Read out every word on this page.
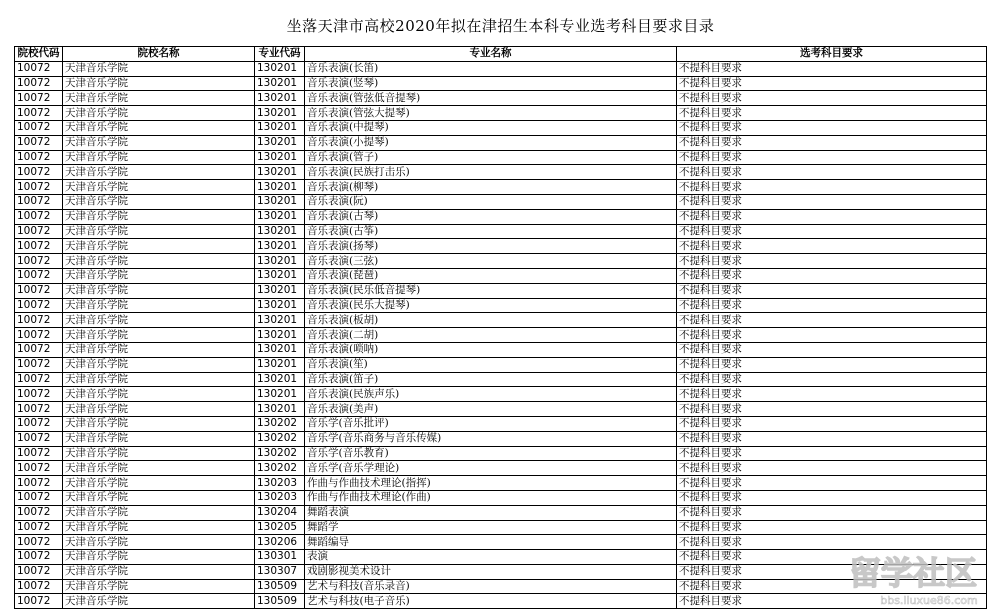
坐落天津市高校2020年拟在津招生本科专业选考科目要求目录
院校代码	院校名称	专业代码	专业名称	选考科目要求
10072	天津音乐学院	130201	音乐表演(长笛)	不提科目要求
10072	天津音乐学院	130201	音乐表演(竖琴)	不提科目要求
10072	天津音乐学院	130201	音乐表演(管弦低音提琴)	不提科目要求
10072	天津音乐学院	130201	音乐表演(管弦大提琴)	不提科目要求
10072	天津音乐学院	130201	音乐表演(中提琴)	不提科目要求
10072	天津音乐学院	130201	音乐表演(小提琴)	不提科目要求
10072	天津音乐学院	130201	音乐表演(管子)	不提科目要求
10072	天津音乐学院	130201	音乐表演(民族打击乐)	不提科目要求
10072	天津音乐学院	130201	音乐表演(柳琴)	不提科目要求
10072	天津音乐学院	130201	音乐表演(阮)	不提科目要求
10072	天津音乐学院	130201	音乐表演(古琴)	不提科目要求
10072	天津音乐学院	130201	音乐表演(古筝)	不提科目要求
10072	天津音乐学院	130201	音乐表演(扬琴)	不提科目要求
10072	天津音乐学院	130201	音乐表演(三弦)	不提科目要求
10072	天津音乐学院	130201	音乐表演(琵琶)	不提科目要求
10072	天津音乐学院	130201	音乐表演(民乐低音提琴)	不提科目要求
10072	天津音乐学院	130201	音乐表演(民乐大提琴)	不提科目要求
10072	天津音乐学院	130201	音乐表演(板胡)	不提科目要求
10072	天津音乐学院	130201	音乐表演(二胡)	不提科目要求
10072	天津音乐学院	130201	音乐表演(唢呐)	不提科目要求
10072	天津音乐学院	130201	音乐表演(笙)	不提科目要求
10072	天津音乐学院	130201	音乐表演(笛子)	不提科目要求
10072	天津音乐学院	130201	音乐表演(民族声乐)	不提科目要求
10072	天津音乐学院	130201	音乐表演(美声)	不提科目要求
10072	天津音乐学院	130202	音乐学(音乐批评)	不提科目要求
10072	天津音乐学院	130202	音乐学(音乐商务与音乐传媒)	不提科目要求
10072	天津音乐学院	130202	音乐学(音乐教育)	不提科目要求
10072	天津音乐学院	130202	音乐学(音乐学理论)	不提科目要求
10072	天津音乐学院	130203	作曲与作曲技术理论(指挥)	不提科目要求
10072	天津音乐学院	130203	作曲与作曲技术理论(作曲)	不提科目要求
10072	天津音乐学院	130204	舞蹈表演	不提科目要求
10072	天津音乐学院	130205	舞蹈学	不提科目要求
10072	天津音乐学院	130206	舞蹈编导	不提科目要求
10072	天津音乐学院	130301	表演	不提科目要求
10072	天津音乐学院	130307	戏剧影视美术设计	不提科目要求
10072	天津音乐学院	130509	艺术与科技(音乐录音)	不提科目要求
10072	天津音乐学院	130509	艺术与科技(电子音乐)	不提科目要求
留学社区
bbs.liuxue86.com
